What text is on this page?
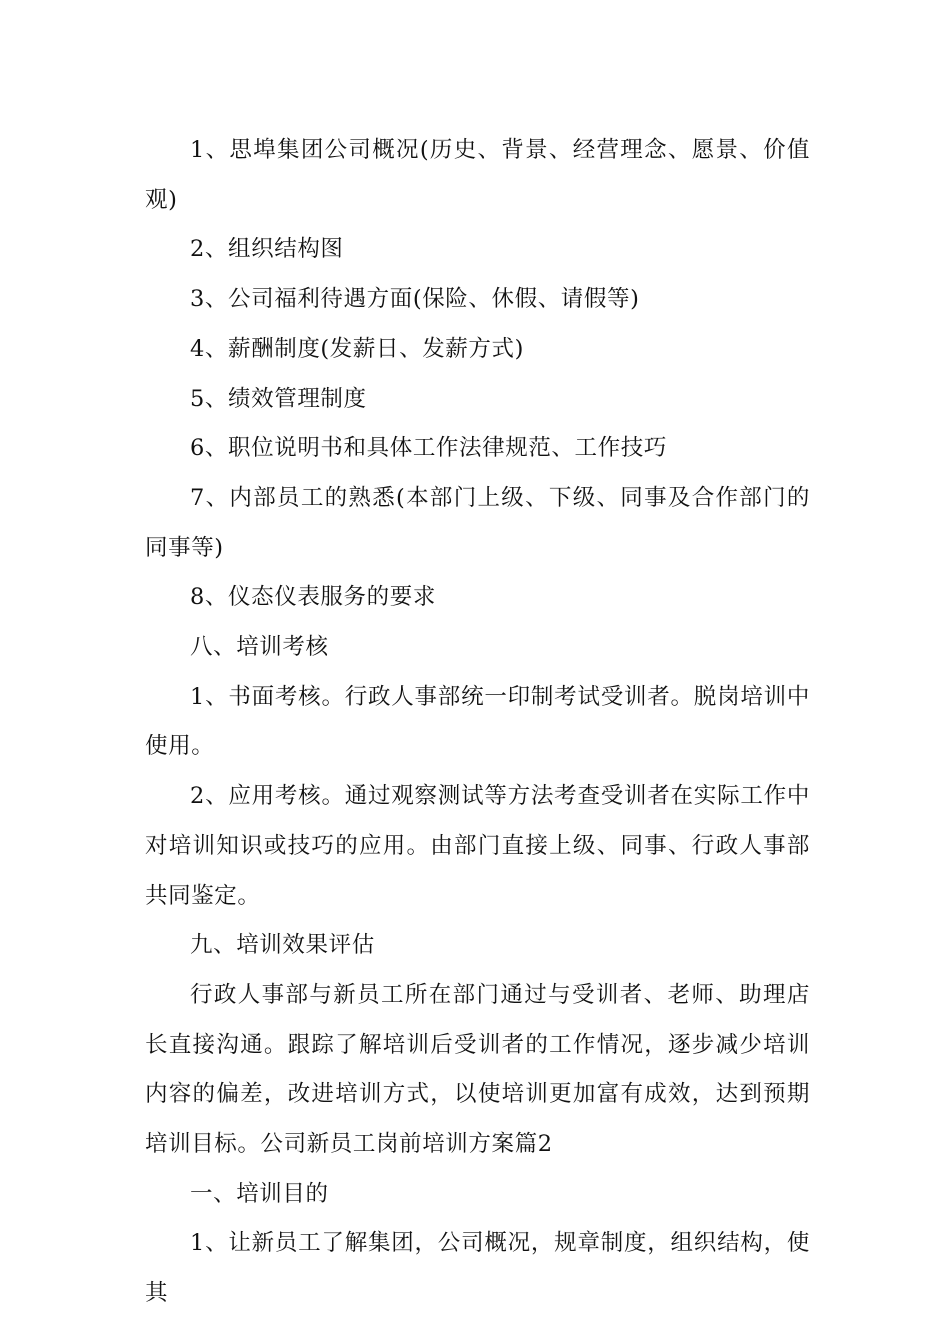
1、思埠集团公司概况(历史、背景、经营理念、愿景、价值观)

2、组织结构图

3、公司福利待遇方面(保险、休假、请假等)

4、薪酬制度(发薪日、发薪方式)

5、绩效管理制度

6、职位说明书和具体工作法律规范、工作技巧

7、内部员工的熟悉(本部门上级、下级、同事及合作部门的同事等)

8、仪态仪表服务的要求

八、培训考核

1、书面考核。行政人事部统一印制考试受训者。脱岗培训中使用。

2、应用考核。通过观察测试等方法考查受训者在实际工作中对培训知识或技巧的应用。由部门直接上级、同事、行政人事部共同鉴定。

九、培训效果评估

行政人事部与新员工所在部门通过与受训者、老师、助理店长直接沟通。跟踪了解培训后受训者的工作情况，逐步减少培训内容的偏差，改进培训方式，以使培训更加富有成效，达到预期培训目标。公司新员工岗前培训方案篇2

一、培训目的

1、让新员工了解集团，公司概况，规章制度，组织结构，使其
